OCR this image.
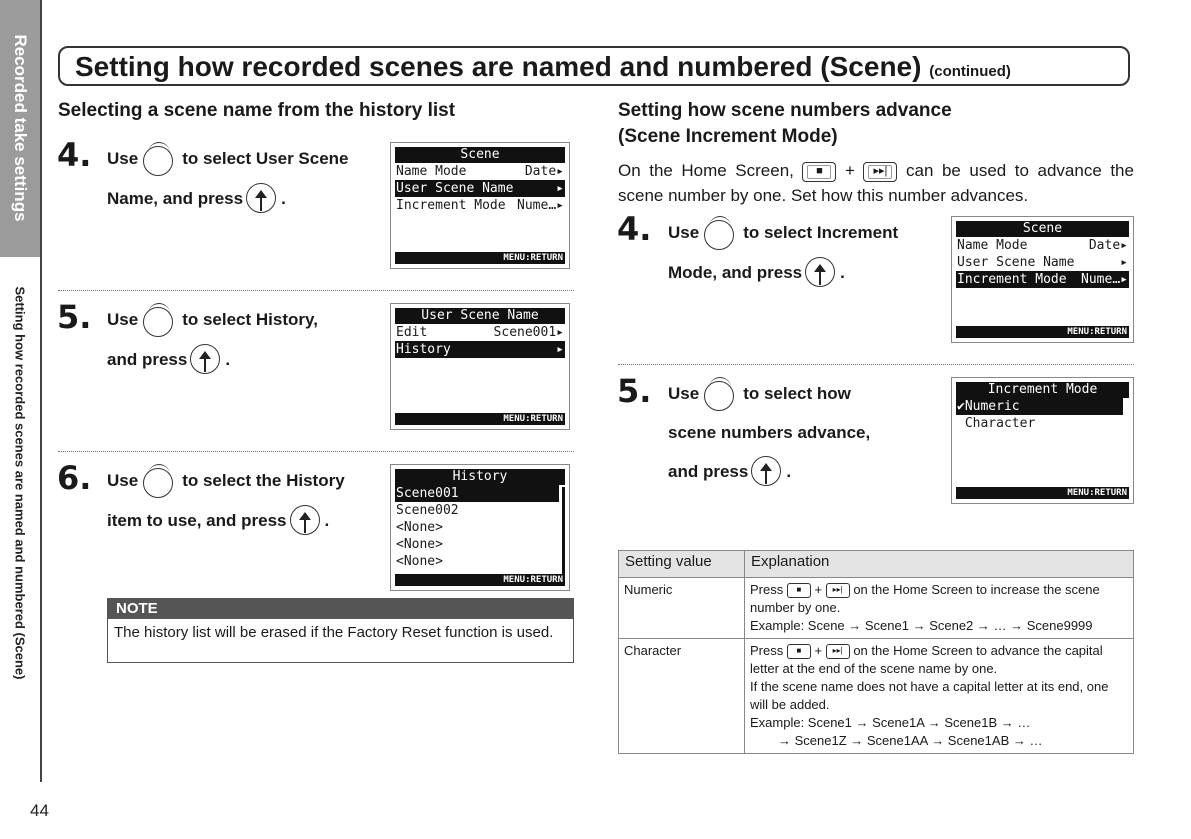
Recorded take settings
Setting how recorded scenes are named and numbered (Scene)
44
Setting how recorded scenes are named and numbered (Scene) (continued)
Selecting a scene name from the history list
4. Use	to select User Scene
Name, and press .
Scene
Name Mode	Date▸
User Scene Name	▸
Increment Mode Nume…▸
MENU:RETURN
5. Use	to select History,
and press .
User Scene Name
Edit	Scene001▸
History	▸
MENU:RETURN
6. Use	to select the History
item to use, and press .
History
Scene001
Scene002
<None>
<None>
<None>
MENU:RETURN
NOTE
The history list will be erased if the Factory Reset function is used.
Setting how scene numbers advance
(Scene Increment Mode)
On the Home Screen, ■ + ▸▸| can be used to advance the scene number by one. Set how this number advances.
4. Use	to select Increment
Mode, and press .
Scene
Name Mode	Date▸
User Scene Name	▸
Increment Mode Nume…▸
MENU:RETURN
5. Use	to select how
scene numbers advance,
and press .
Increment Mode
✔Numeric
Character
MENU:RETURN
Setting value	Explanation
Numeric	Press ■ + ▸▸| on the Home Screen to increase the scene number by one.
Example: Scene → Scene1 → Scene2 → … → Scene9999
Character	Press ■ + ▸▸| on the Home Screen to advance the capital letter at the end of the scene name by one.
If the scene name does not have a capital letter at its end, one will be added.
Example: Scene1 → Scene1A → Scene1B → …
→ Scene1Z → Scene1AA → Scene1AB → …
